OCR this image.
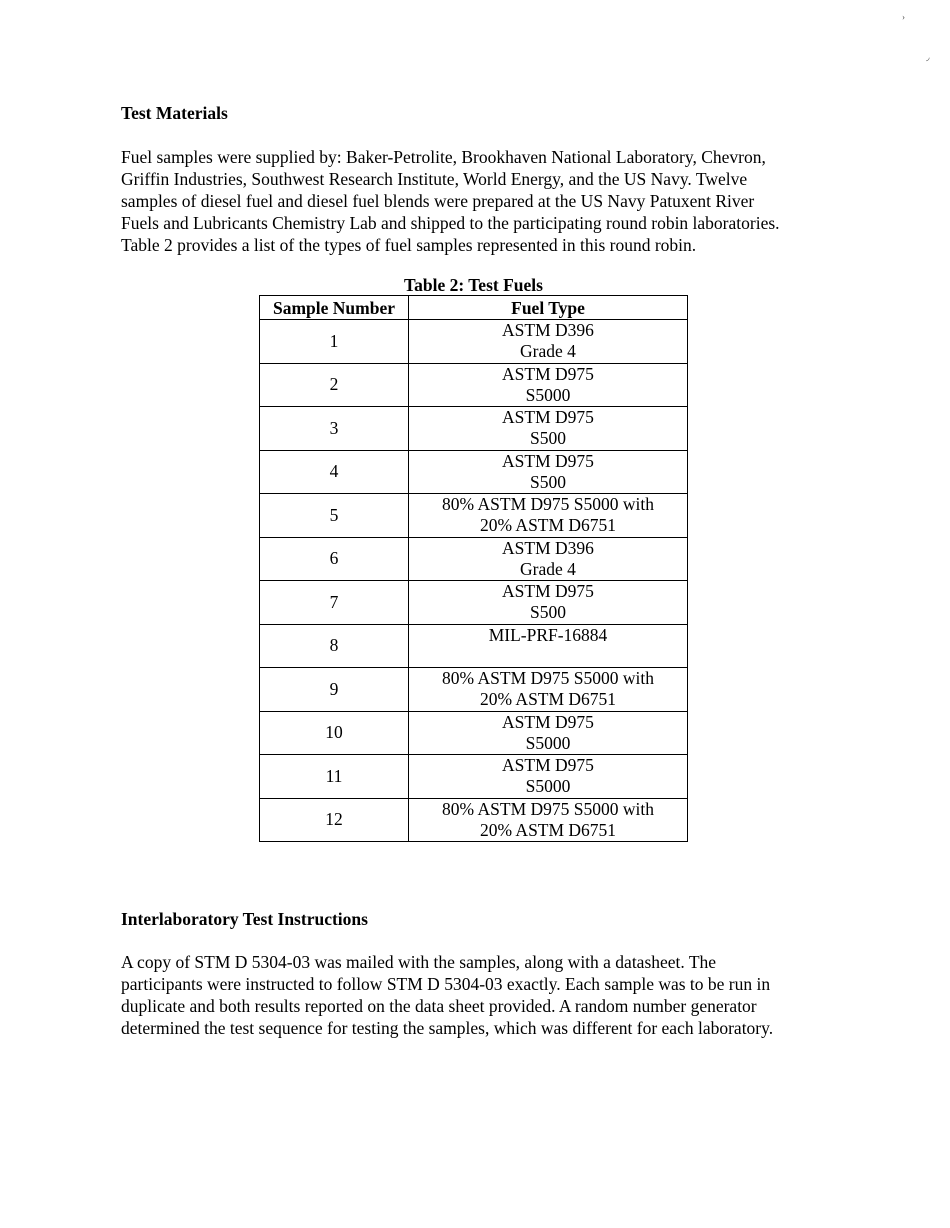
›
◞
Test Materials
Fuel samples were supplied by: Baker-Petrolite, Brookhaven National Laboratory, Chevron,
Griffin Industries, Southwest Research Institute, World Energy, and the US Navy. Twelve
samples of diesel fuel and diesel fuel blends were prepared at the US Navy Patuxent River
Fuels and Lubricants Chemistry Lab and shipped to the participating round robin laboratories.
Table 2 provides a list of the types of fuel samples represented in this round robin.
Table 2: Test Fuels
Sample Number	Fuel Type
1	ASTM D396
Grade 4

2	ASTM D975
S5000

3	ASTM D975
S500

4	ASTM D975
S500

5	80% ASTM D975 S5000 with
20% ASTM D6751

6	ASTM D396
Grade 4

7	ASTM D975
S500

8	MIL-PRF-16884

9	80% ASTM D975 S5000 with
20% ASTM D6751

10	ASTM D975
S5000

11	ASTM D975
S5000

12	80% ASTM D975 S5000 with
20% ASTM D6751
Interlaboratory Test Instructions
A copy of STM D 5304-03 was mailed with the samples, along with a datasheet. The
participants were instructed to follow STM D 5304-03 exactly. Each sample was to be run in
duplicate and both results reported on the data sheet provided. A random number generator
determined the test sequence for testing the samples, which was different for each laboratory.
